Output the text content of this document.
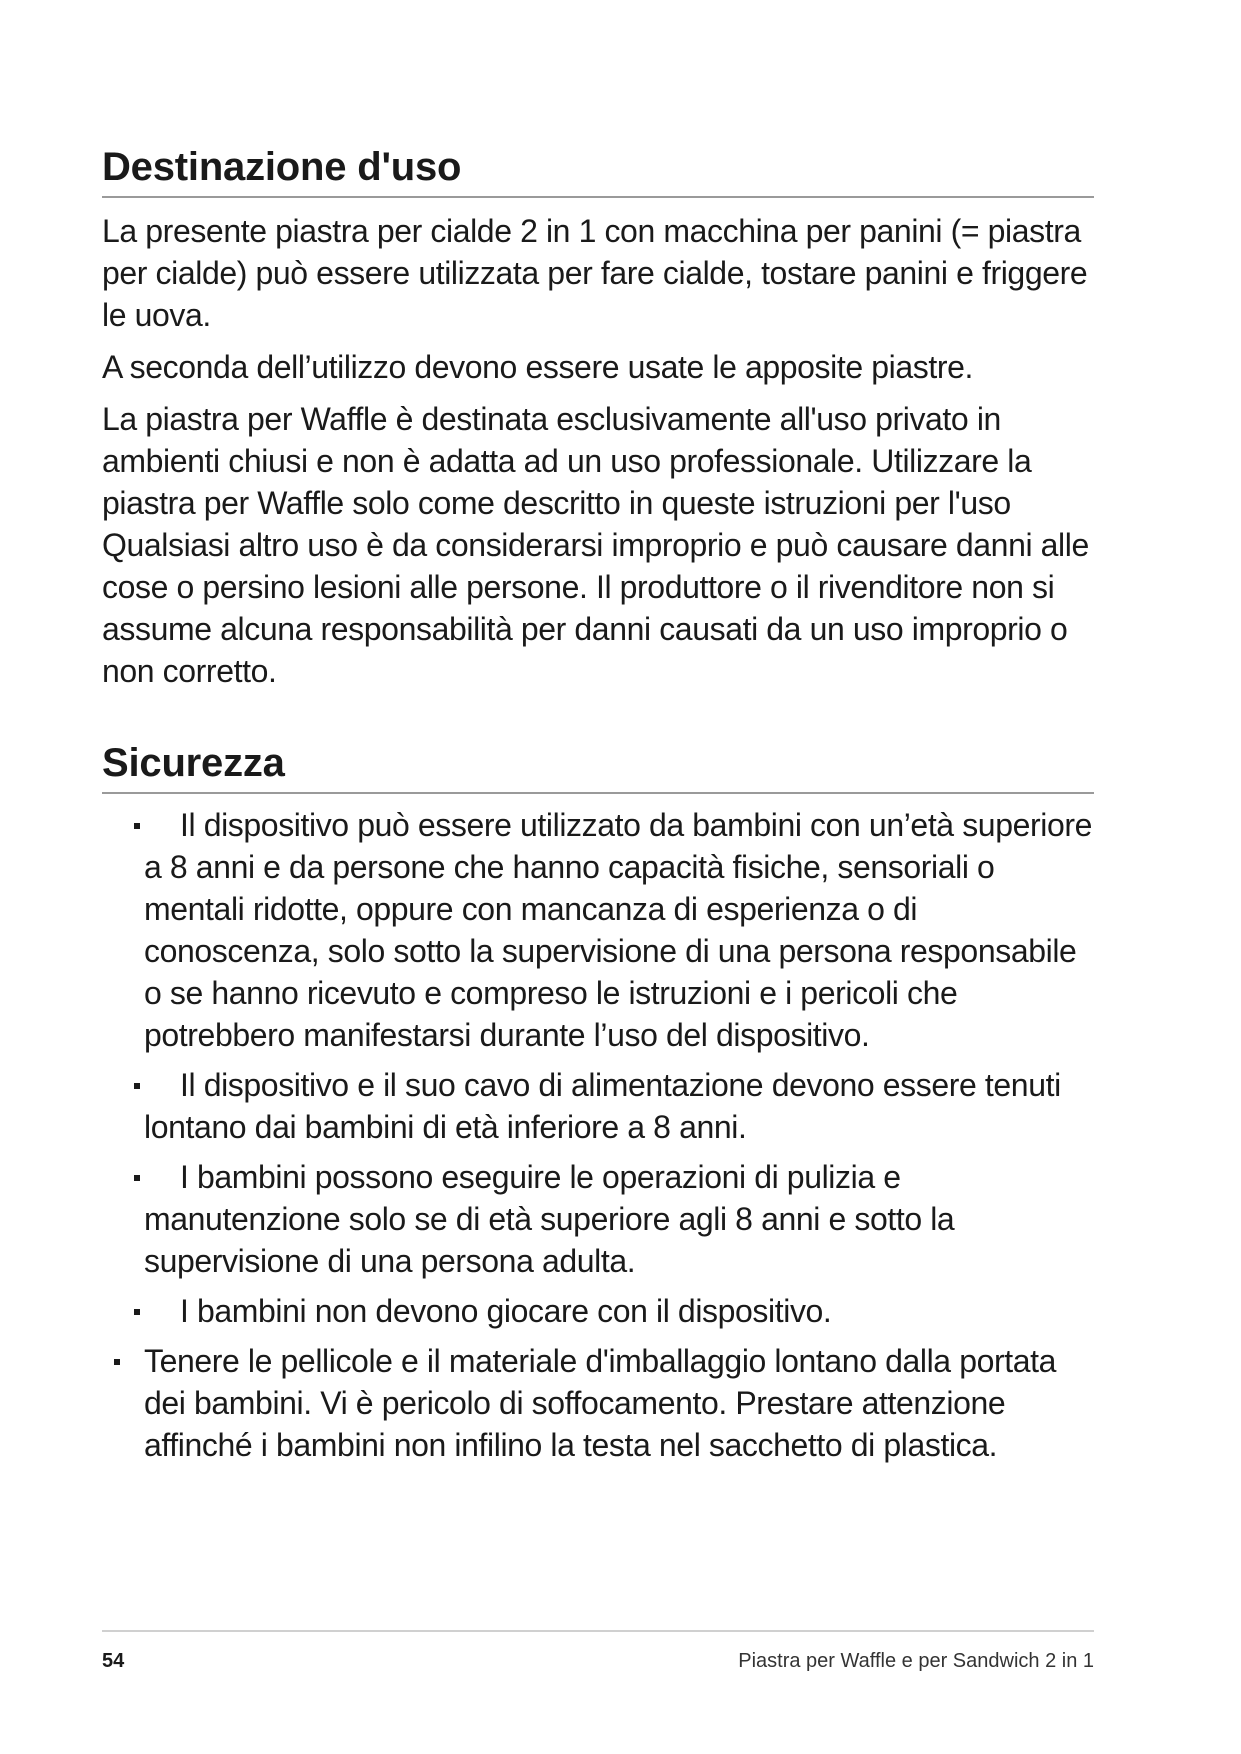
Destinazione d'uso

La presente piastra per cialde 2 in 1 con macchina per panini (= piastra per cialde) può essere utilizzata per fare cialde, tostare panini e friggere le uova.

A seconda dell’utilizzo devono essere usate le apposite piastre.

La piastra per Waffle è destinata esclusivamente all'uso privato in ambienti chiusi e non è adatta ad un uso professionale. Utilizzare la piastra per Waffle solo come descritto in queste istruzioni per l'uso Qualsiasi altro uso è da considerarsi improprio e può causare danni alle cose o persino lesioni alle persone. Il produttore o il rivenditore non si assume alcuna responsabilità per danni causati da un uso improprio o non corretto.

Sicurezza
Il dispositivo può essere utilizzato da bambini con un’età superiore a 8 anni e da persone che hanno capacità fisiche, sensoriali o mentali ridotte, oppure con mancanza di esperienza o di conoscenza, solo sotto la supervisione di una persona responsabile o se hanno ricevuto e compreso le istruzioni e i pericoli che potrebbero manifestarsi durante l’uso del dispositivo.
Il dispositivo e il suo cavo di alimentazione devono essere tenuti lontano dai bambini di età inferiore a 8 anni.
I bambini possono eseguire le operazioni di pulizia e manutenzione solo se di età superiore agli 8 anni e sotto la supervisione di una persona adulta.
I bambini non devono giocare con il dispositivo.
Tenere le pellicole e il materiale d'imballaggio lontano dalla portata dei bambini. Vi è pericolo di soffocamento. Prestare attenzione affinché i bambini non infilino la testa nel sacchetto di plastica.
54	Piastra per Waffle e per Sandwich 2 in 1
